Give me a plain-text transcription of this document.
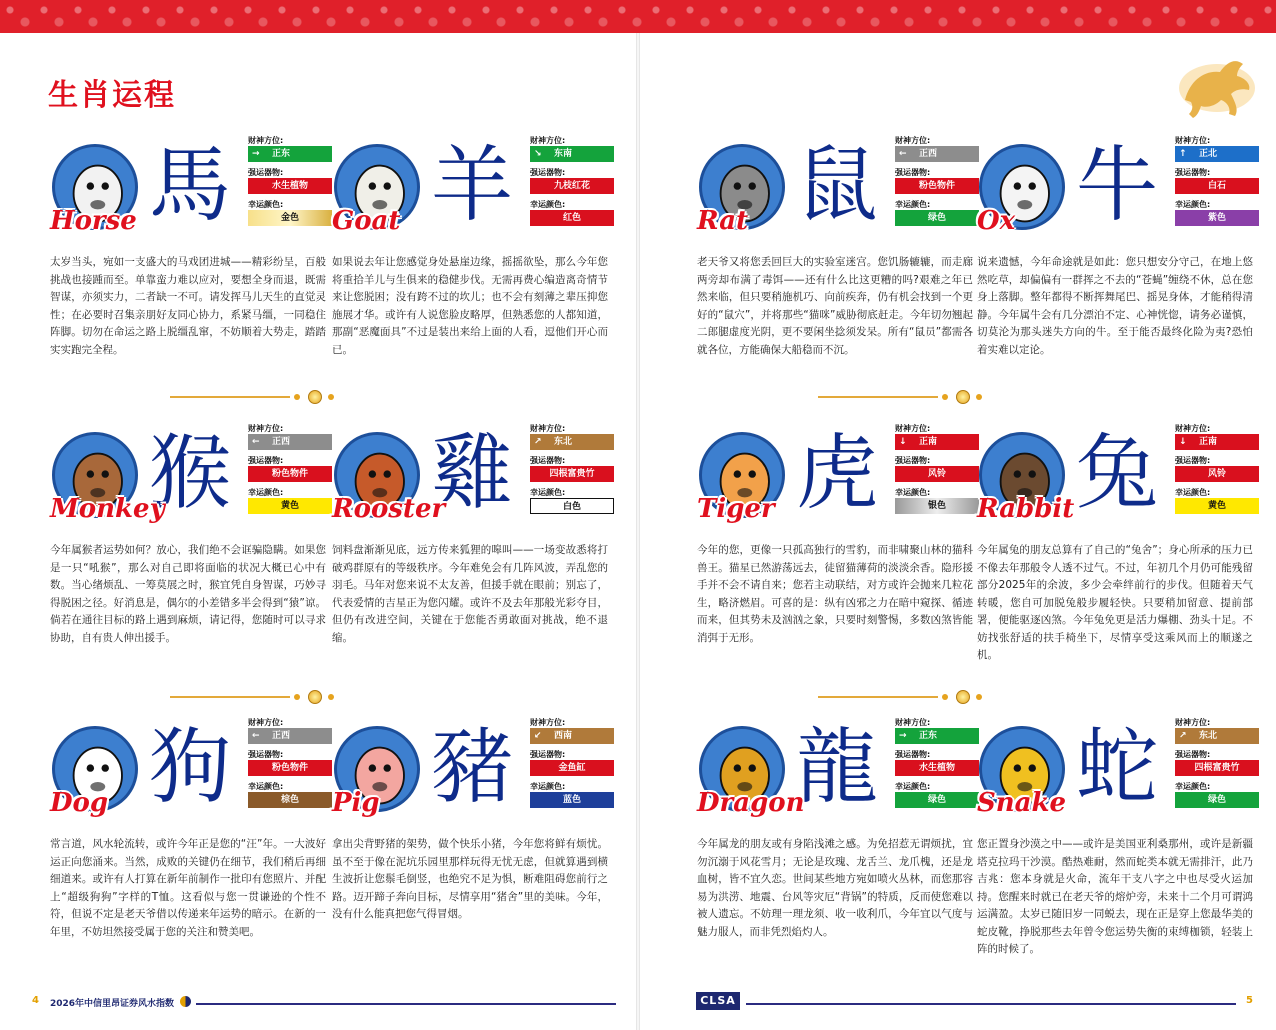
生肖运程
馬
Horse
财神方位:
→ 正东
强运器物:
水生植物
幸运颜色:
金色
太岁当头，宛如一支盛大的马戏团进城——精彩纷呈，百般挑战也接踵而至。单靠蛮力难以应对，要想全身而退，既需智谋，亦须实力，二者缺一不可。请发挥马儿天生的直觉灵性；在必要时召集亲朋好友同心协力，系紧马缰，一同稳住阵脚。切勿在命运之路上脱缰乱窜，不妨顺着大势走，踏踏实实跑完全程。
羊
Goat
财神方位:
↘ 东南
强运器物:
九枝红花
幸运颜色:
红色
如果说去年让您感觉身处悬崖边缘，摇摇欲坠，那么今年您将重拾羊儿与生俱来的稳健步伐。无需再费心编造离奇情节来让您脱困；没有跨不过的坎儿；也不会有刻薄之辈压抑您施展才华。或许有人说您脸皮略厚，但熟悉您的人都知道，那副“恶魔面具”不过是装出来给上面的人看，逗他们开心而已。
鼠
Rat
财神方位:
← 正西
强运器物:
粉色物件
幸运颜色:
绿色
老天爷又将您丢回巨大的实验室迷宫。您饥肠辘辘，而走廊两旁却布满了毒饵——还有什么比这更糟的吗?艰难之年已然来临，但只要稍施机巧、向前疾奔，仍有机会找到一个更好的“鼠穴”，并将那些“猫咪”威胁彻底赶走。今年切勿翘起二郎腿虚度光阴，更不要闲坐捻须发呆。所有“鼠员”都需各就各位，方能确保大船稳而不沉。
牛
Ox
财神方位:
↑ 正北
强运器物:
白石
幸运颜色:
紫色
说来遗憾，今年命途就是如此：您只想安分守己，在地上悠然吃草，却偏偏有一群挥之不去的“苍蝇”缠绕不休，总在您身上落脚。整年都得不断挥舞尾巴、摇晃身体，才能稍得清静。今年属牛会有几分漂泊不定、心神恍惚，请务必谨慎，切莫沦为那头迷失方向的牛。至于能否最终化险为夷?恐怕着实难以定论。
猴
Monkey
财神方位:
← 正西
强运器物:
粉色物件
幸运颜色:
黄色
今年属猴者运势如何？放心，我们绝不会诓骗隐瞒。如果您是一只“吼猴”，那么对自己即将面临的状况大概已心中有数。当心绪烦乱、一筹莫展之时，猴宜凭自身智谋，巧妙寻得脱困之径。好消息是，偶尔的小差错多半会得到“猿”谅。倘若在通往目标的路上遇到麻烦，请记得，您随时可以寻求协助，自有贵人伸出援手。
雞
Rooster
财神方位:
↗ 东北
强运器物:
四根富贵竹
幸运颜色:
白色
饲料盘渐渐见底，远方传来狐狸的嗥叫——一场变故悉将打破鸡群原有的等级秩序。今年难免会有几阵风波，弄乱您的羽毛。马年对您来说不太友善，但援手就在眼前；别忘了，代表爱情的吉星正为您闪耀。或许不及去年那般光彩夺目，但仍有改进空间，关键在于您能否勇敢面对挑战，绝不退缩。
虎
Tiger
财神方位:
↓ 正南
强运器物:
风铃
幸运颜色:
银色
今年的您，更像一只孤高独行的雪豹，而非啸聚山林的猫科兽王。猫星已然游荡远去，徒留猫薄荷的淡淡余香。隐形援手并不会不请自来；您若主动联结，对方或许会抛来几粒花生，略济燃眉。可喜的是：纵有凶邪之力在暗中窥探、循迹而来，但其势未及汹汹之象，只要时刻警惕，多数凶煞皆能消弭于无形。
兔
Rabbit
财神方位:
↓ 正南
强运器物:
风铃
幸运颜色:
黄色
今年属兔的朋友总算有了自己的“兔舍”；身心所承的压力已不像去年那般令人透不过气。不过，年初几个月仍可能残留部分2025年的余波，多少会牵绊前行的步伐。但随着天气转暖，您自可加脱兔般步履轻快。只要稍加留意、提前部署，便能驱逐凶煞。今年兔免更是活力爆棚、劲头十足。不妨找张舒适的扶手椅坐下，尽情享受这乘风而上的顺遂之机。
狗
Dog
财神方位:
← 正西
强运器物:
粉色物件
幸运颜色:
棕色
常言道，风水轮流转，或许今年正是您的“汪”年。一大波好运正向您涌来。当然，成败的关键仍在细节，我们稍后再细细道来。或许有人打算在新年前制作一批印有您照片、并配上“超级狗狗”字样的T恤。这看似与您一贯谦逊的个性不符，但说不定是老天爷借以传递来年运势的暗示。在新的一年里，不妨坦然接受属于您的关注和赞美吧。
豬
Pig
财神方位:
↙ 西南
强运器物:
金鱼缸
幸运颜色:
蓝色
拿出尖背野猪的架势，做个快乐小猪，今年您将鲜有烦忧。虽不至于像在泥坑乐园里那样玩得无忧无虑，但就算遇到横生波折让您鬃毛倒竖，也绝究不足为惧，断难阻碍您前行之路。迈开蹄子奔向目标，尽情享用“猪舍”里的美味。今年，没有什么能真把您气得冒烟。
龍
Dragon
财神方位:
→ 正东
强运器物:
水生植物
幸运颜色:
绿色
今年属龙的朋友或有身陷浅滩之感。为免招惹无谓烦扰，宜勿沉溺于风花雪月；无论是玫瑰、龙舌兰、龙爪槐，还是龙血树，皆不宜久恋。世间某些地方宛如喷火丛林，而您那容易为洪涝、地震、台风等灾厄“背锅”的特质，反而使您难以被人遗忘。不妨理一理龙须、收一收利爪，今年宜以气度与魅力服人，而非凭烈焰灼人。
蛇
Snake
财神方位:
↗ 东北
强运器物:
四根富贵竹
幸运颜色:
绿色
您正置身沙漠之中——或许是美国亚利桑那州，或许是新疆塔克拉玛干沙漠。酷热难耐，然而蛇类本就无需排汗，此乃吉兆：您本身就是火命，流年干支八字之中也尽受火运加持。您醒来时就已在老天爷的熔炉旁，未来十二个月可谓鸿运满盈。太岁已随旧岁一同蜕去，现在正是穿上您最华美的蛇皮靴，挣脱那些去年曾令您运势失衡的束缚枷锁，轻装上阵的时候了。
4 2026年中信里昂证券风水指数	CLSA	5
